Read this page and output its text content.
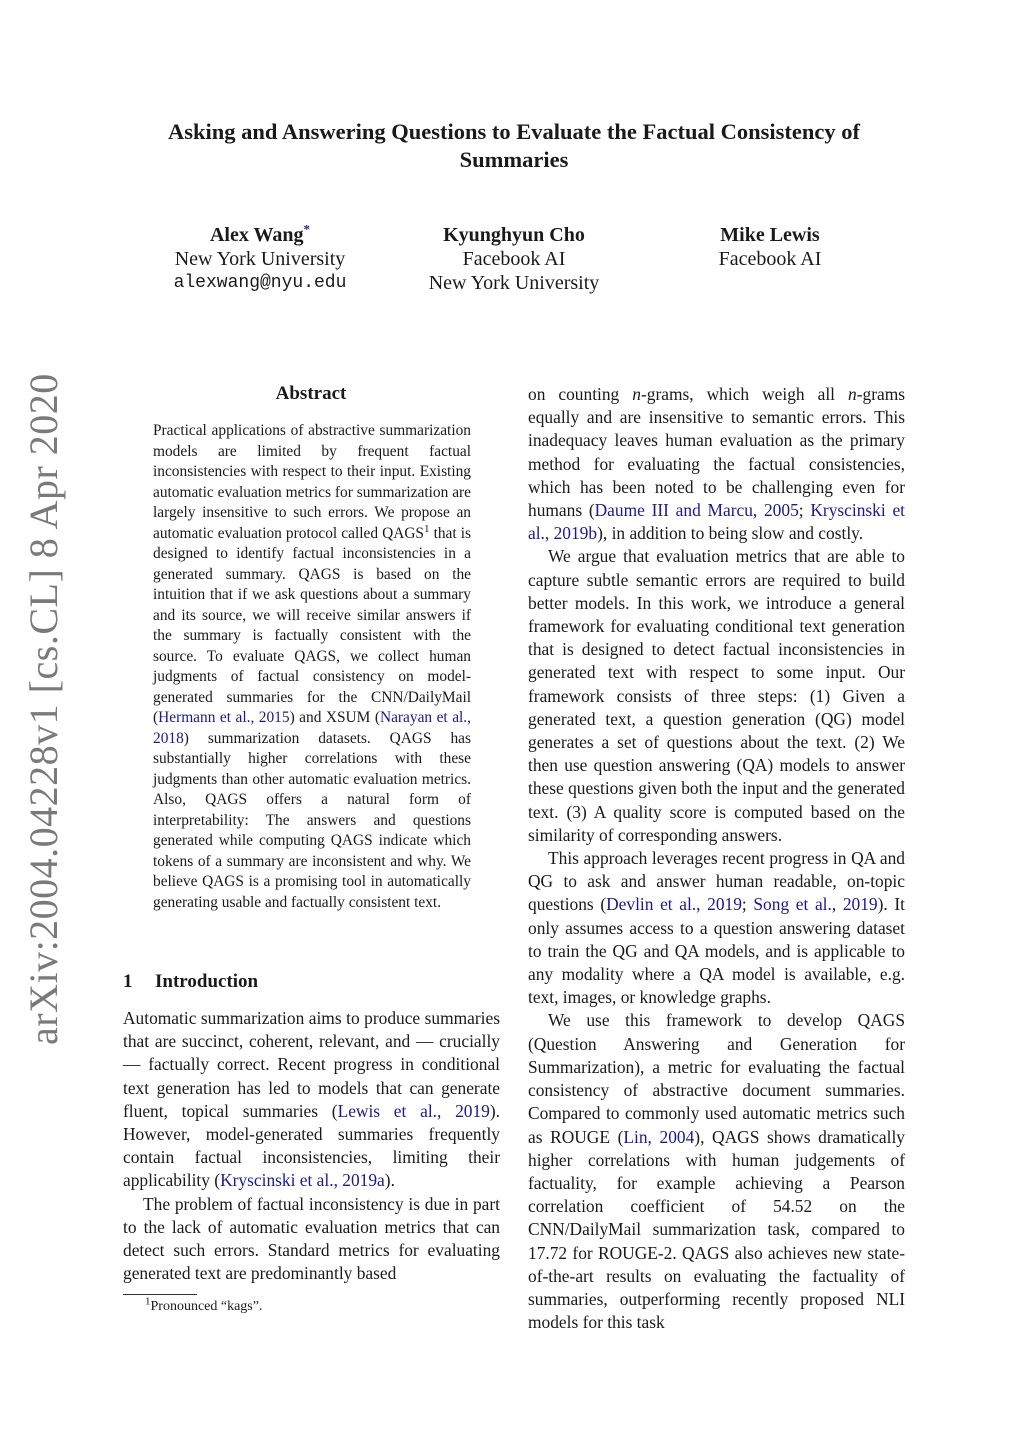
arXiv:2004.04228v1 [cs.CL] 8 Apr 2020
Asking and Answering Questions to Evaluate the Factual Consistency of
Summaries
Alex Wang*
New York University
alexwang@nyu.edu
Kyunghyun Cho
Facebook AI
New York University
Mike Lewis
Facebook AI
Abstract
Practical applications of abstractive summarization models are limited by frequent factual inconsistencies with respect to their input. Existing automatic evaluation metrics for summarization are largely insensitive to such errors. We propose an automatic evaluation protocol called QAGS$^1$ that is designed to identify factual inconsistencies in a generated summary. QAGS is based on the intuition that if we ask questions about a summary and its source, we will receive similar answers if the summary is factually consistent with the source. To evaluate QAGS, we collect human judgments of factual consistency on model-generated summaries for the CNN/DailyMail (Hermann et al., 2015) and XSUM (Narayan et al., 2018) summarization datasets. QAGS has substantially higher correlations with these judgments than other automatic evaluation metrics. Also, QAGS offers a natural form of interpretability: The answers and questions generated while computing QAGS indicate which tokens of a summary are inconsistent and why. We believe QAGS is a promising tool in automatically generating usable and factually consistent text.
1 Introduction

Automatic summarization aims to produce summaries that are succinct, coherent, relevant, and — crucially — factually correct. Recent progress in conditional text generation has led to models that can generate fluent, topical summaries (Lewis et al., 2019). However, model-generated summaries frequently contain factual inconsistencies, limiting their applicability (Kryscinski et al., 2019a).

The problem of factual inconsistency is due in part to the lack of automatic evaluation metrics that can detect such errors. Standard metrics for evaluating generated text are predominantly based

on counting n-grams, which weigh all n-grams equally and are insensitive to semantic errors. This inadequacy leaves human evaluation as the primary method for evaluating the factual consistencies, which has been noted to be challenging even for humans (Daume III and Marcu, 2005; Kryscinski et al., 2019b), in addition to being slow and costly.

We argue that evaluation metrics that are able to capture subtle semantic errors are required to build better models. In this work, we introduce a general framework for evaluating conditional text generation that is designed to detect factual inconsistencies in generated text with respect to some input. Our framework consists of three steps: (1) Given a generated text, a question generation (QG) model generates a set of questions about the text. (2) We then use question answering (QA) models to answer these questions given both the input and the generated text. (3) A quality score is computed based on the similarity of corresponding answers.

This approach leverages recent progress in QA and QG to ask and answer human readable, on-topic questions (Devlin et al., 2019; Song et al., 2019). It only assumes access to a question answering dataset to train the QG and QA models, and is applicable to any modality where a QA model is available, e.g. text, images, or knowledge graphs.

We use this framework to develop QAGS (Question Answering and Generation for Summarization), a metric for evaluating the factual consistency of abstractive document summaries. Compared to commonly used automatic metrics such as ROUGE (Lin, 2004), QAGS shows dramatically higher correlations with human judgements of factuality, for example achieving a Pearson correlation coefficient of 54.52 on the CNN/DailyMail summarization task, compared to 17.72 for ROUGE-2. QAGS also achieves new state-of-the-art results on evaluating the factuality of summaries, outperforming recently proposed NLI models for this task

$^1$Pronounced “kags”.
